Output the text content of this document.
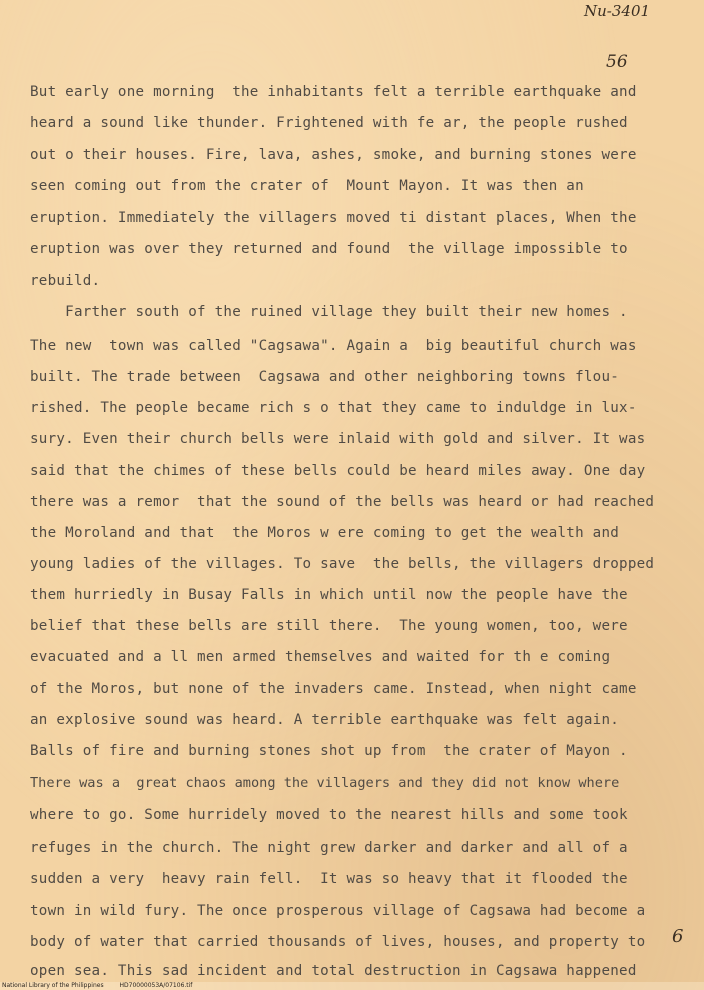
Nu-3401
56
But early one morning  the inhabitants felt a terrible earthquake and
heard a sound like thunder. Frightened with fe ar, the people rushed
out o their houses. Fire, lava, ashes, smoke, and burning stones were
seen coming out from the crater of  Mount Mayon. It was then an
eruption. Immediately the villagers moved ti distant places, When the
eruption was over they returned and found  the village impossible to
rebuild.
Farther south of the ruined village they built their new homes .
The new  town was called "Cagsawa". Again a  big beautiful church was
built. The trade between  Cagsawa and other neighboring towns flou-
rished. The people became rich s o that they came to induldge in lux-
sury. Even their church bells were inlaid with gold and silver. It was
said that the chimes of these bells could be heard miles away. One day
there was a remor  that the sound of the bells was heard or had reached
the Moroland and that  the Moros w ere coming to get the wealth and
young ladies of the villages. To save  the bells, the villagers dropped
them hurriedly in Busay Falls in which until now the people have the
belief that these bells are still there.  The young women, too, were
evacuated and a ll men armed themselves and waited for th e coming
of the Moros, but none of the invaders came. Instead, when night came
an explosive sound was heard. A terrible earthquake was felt again.
Balls of fire and burning stones shot up from  the crater of Mayon .
There was a  great chaos among the villagers and they did not know where
where to go. Some hurridely moved to the nearest hills and some took
refuges in the church. The night grew darker and darker and all of a
sudden a very  heavy rain fell.  It was so heavy that it flooded the
town in wild fury. The once prosperous village of Cagsawa had become a
body of water that carried thousands of lives, houses, and property to
open sea. This sad incident and total destruction in Cagsawa happened
6
National Library of the Philippines	HD70000053A/07106.tif
